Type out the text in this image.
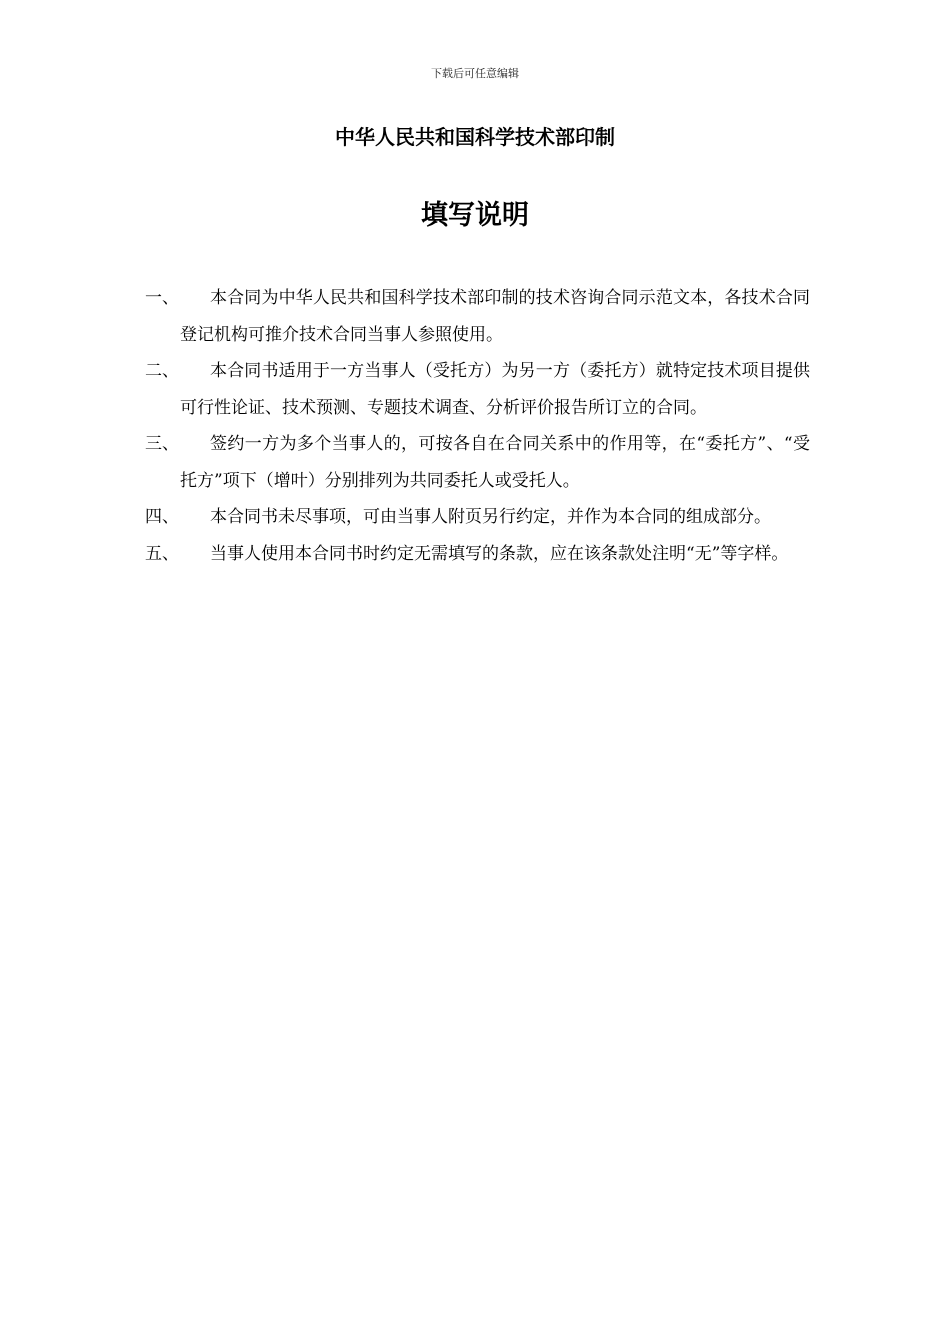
下载后可任意编辑
中华人民共和国科学技术部印制
填写说明
一、	本合同为中华人民共和国科学技术部印制的技术咨询合同示范文本，各技术合同登记机构可推介技术合同当事人参照使用。
二、	本合同书适用于一方当事人（受托方）为另一方（委托方）就特定技术项目提供可行性论证、技术预测、专题技术调查、分析评价报告所订立的合同。
三、	签约一方为多个当事人的，可按各自在合同关系中的作用等，在“委托方”、“受托方”项下（增叶）分别排列为共同委托人或受托人。
四、	本合同书未尽事项，可由当事人附页另行约定，并作为本合同的组成部分。
五、	当事人使用本合同书时约定无需填写的条款，应在该条款处注明“无”等字样。
